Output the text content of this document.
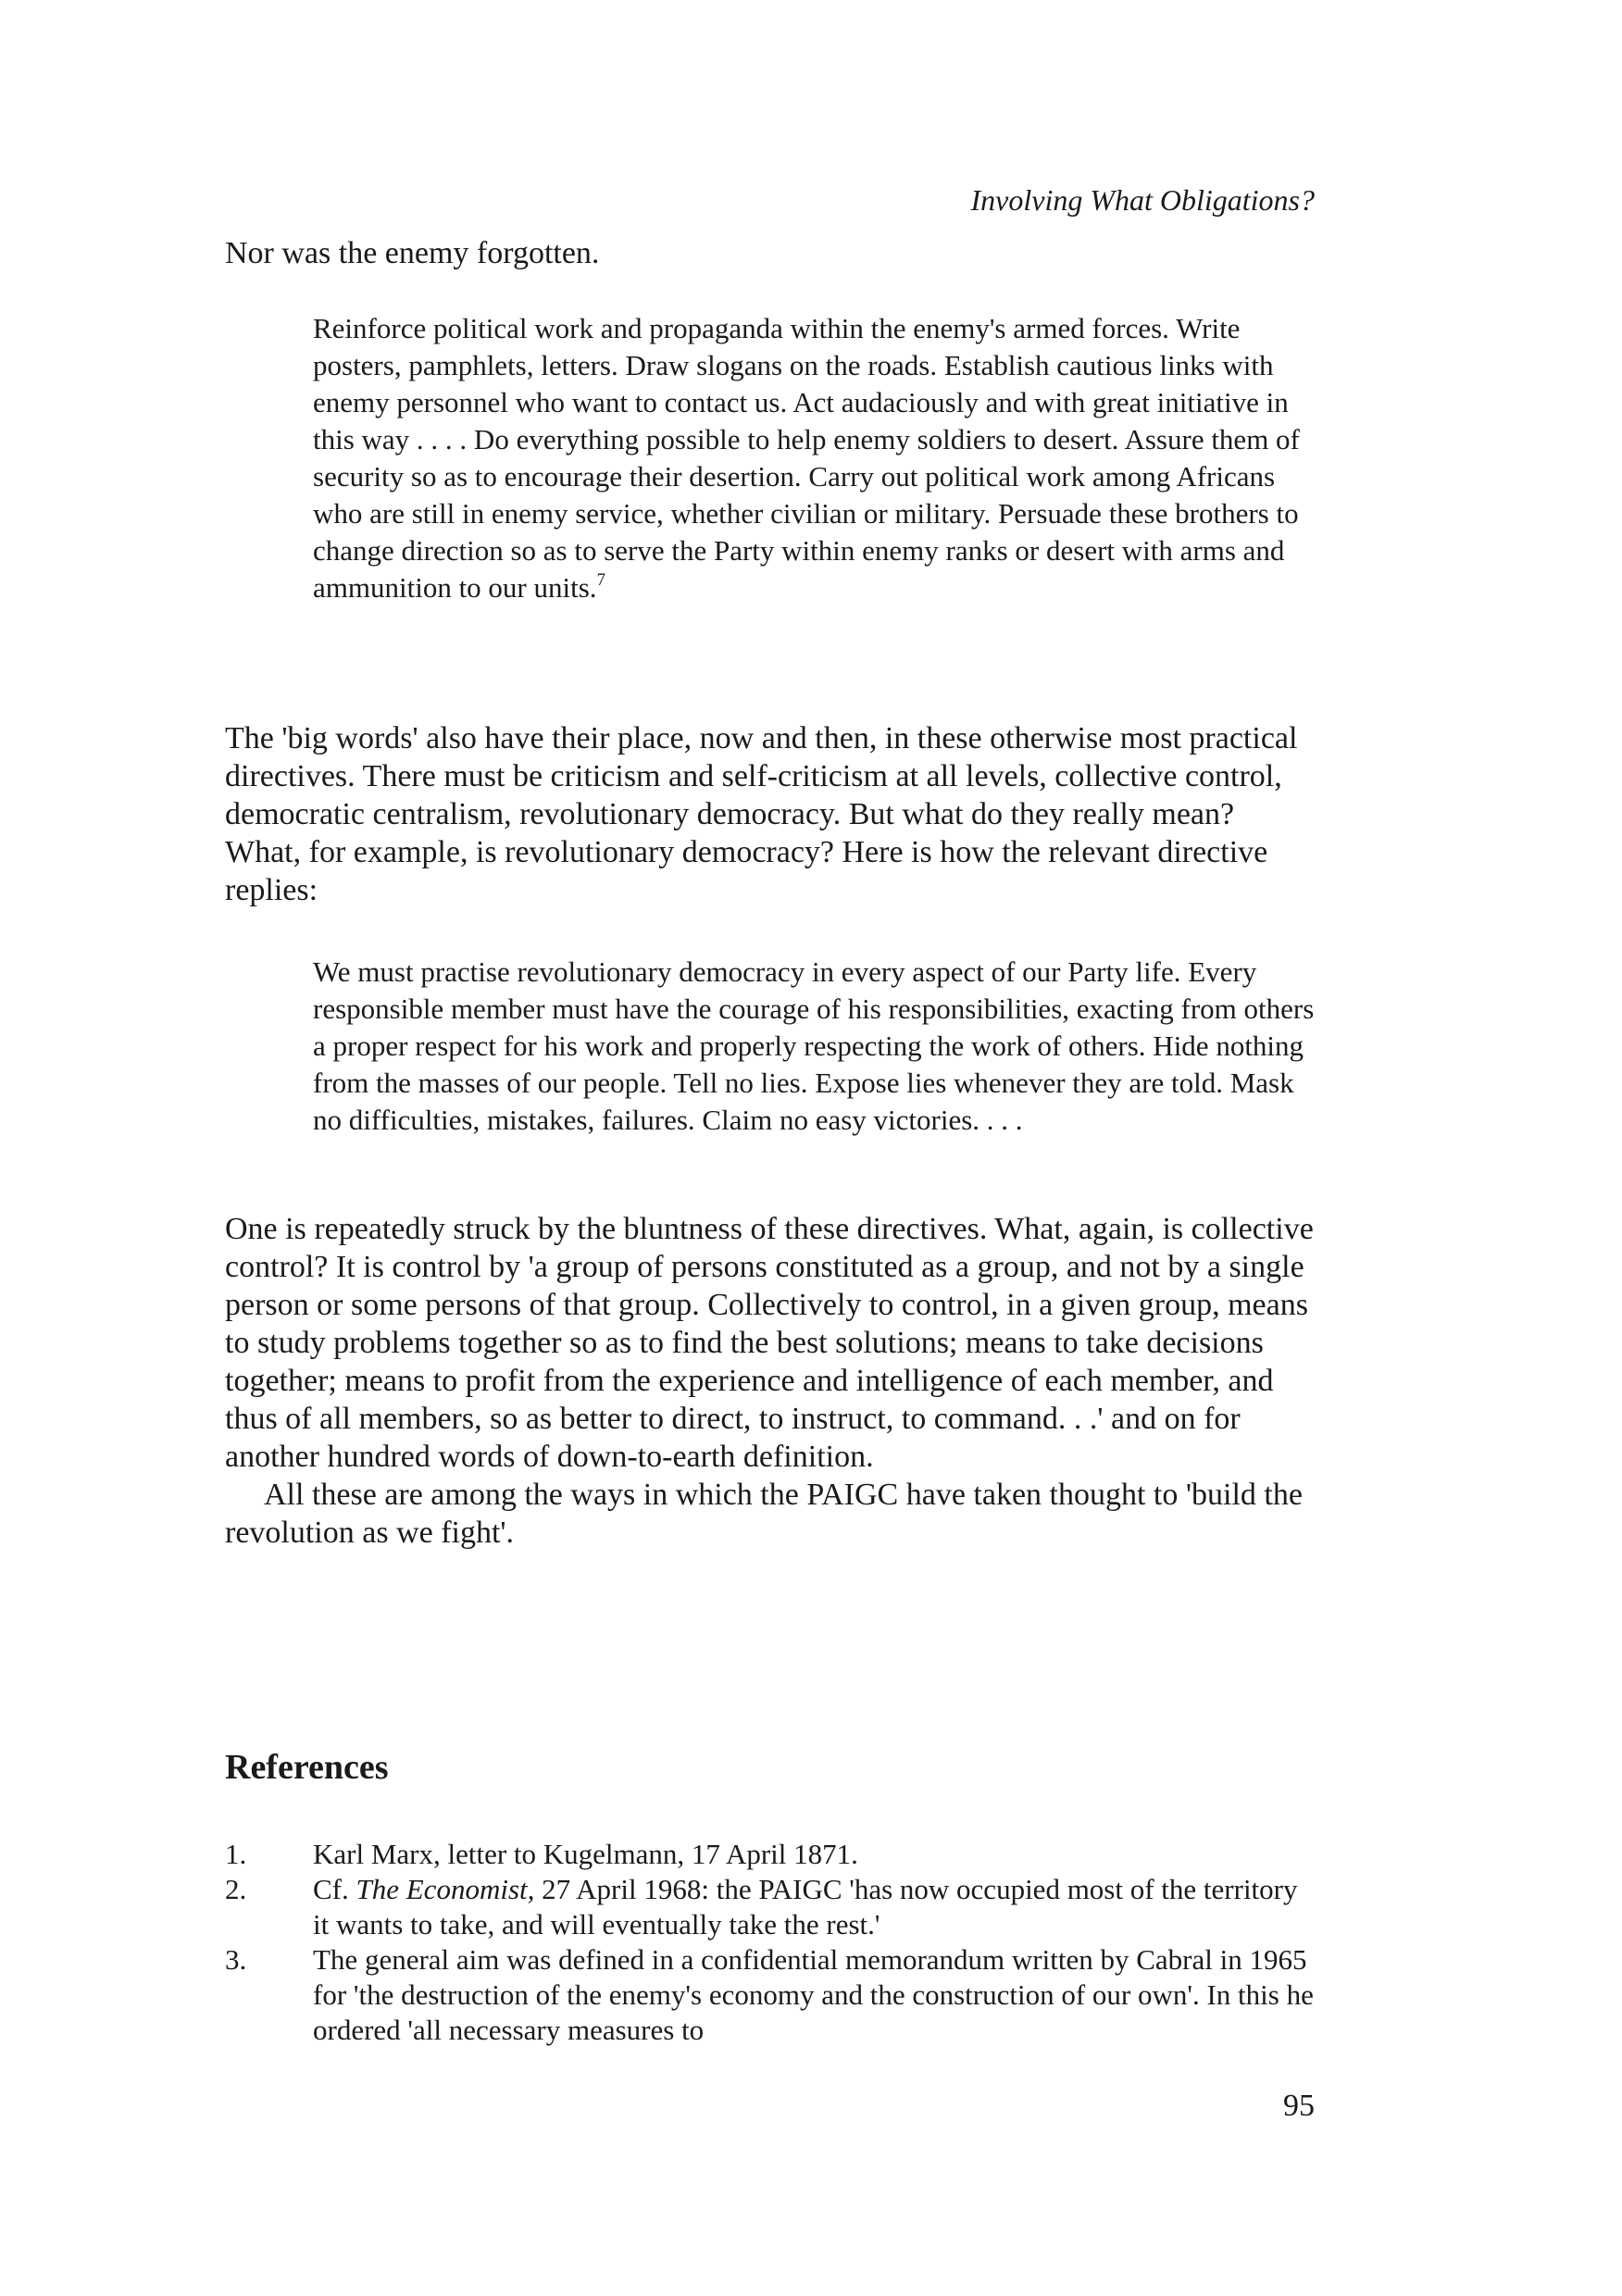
Involving What Obligations?

Nor was the enemy forgotten.

Reinforce political work and propaganda within the enemy's armed forces. Write posters, pamphlets, letters. Draw slogans on the roads. Establish cautious links with enemy personnel who want to contact us. Act audaciously and with great initiative in this way . . . . Do everything possible to help enemy soldiers to desert. Assure them of security so as to encourage their desertion. Carry out political work among Africans who are still in enemy service, whether civilian or military. Persuade these brothers to change direction so as to serve the Party within enemy ranks or desert with arms and ammunition to our units.$^7$

The 'big words' also have their place, now and then, in these otherwise most practical directives. There must be criticism and self-criticism at all levels, collective control, democratic centralism, revolutionary democracy. But what do they really mean? What, for example, is revolutionary democracy? Here is how the relevant directive replies:

We must practise revolutionary democracy in every aspect of our Party life. Every responsible member must have the courage of his responsibilities, exacting from others a proper respect for his work and properly respecting the work of others. Hide nothing from the masses of our people. Tell no lies. Expose lies whenever they are told. Mask no difficulties, mistakes, failures. Claim no easy victories. . . .

One is repeatedly struck by the bluntness of these directives. What, again, is collective control? It is control by 'a group of persons constituted as a group, and not by a single person or some persons of that group. Collectively to control, in a given group, means to study problems together so as to find the best solutions; means to take decisions together; means to profit from the experience and intelligence of each member, and thus of all members, so as better to direct, to instruct, to command. . .' and on for another hundred words of down-to-earth definition.

All these are among the ways in which the PAIGC have taken thought to 'build the revolution as we fight'.

References
1. Karl Marx, letter to Kugelmann, 17 April 1871.
2. Cf. The Economist, 27 April 1968: the PAIGC 'has now occupied most of the territory it wants to take, and will eventually take the rest.'
3. The general aim was defined in a confidential memorandum written by Cabral in 1965 for 'the destruction of the enemy's economy and the construction of our own'. In this he ordered 'all necessary measures to
95
